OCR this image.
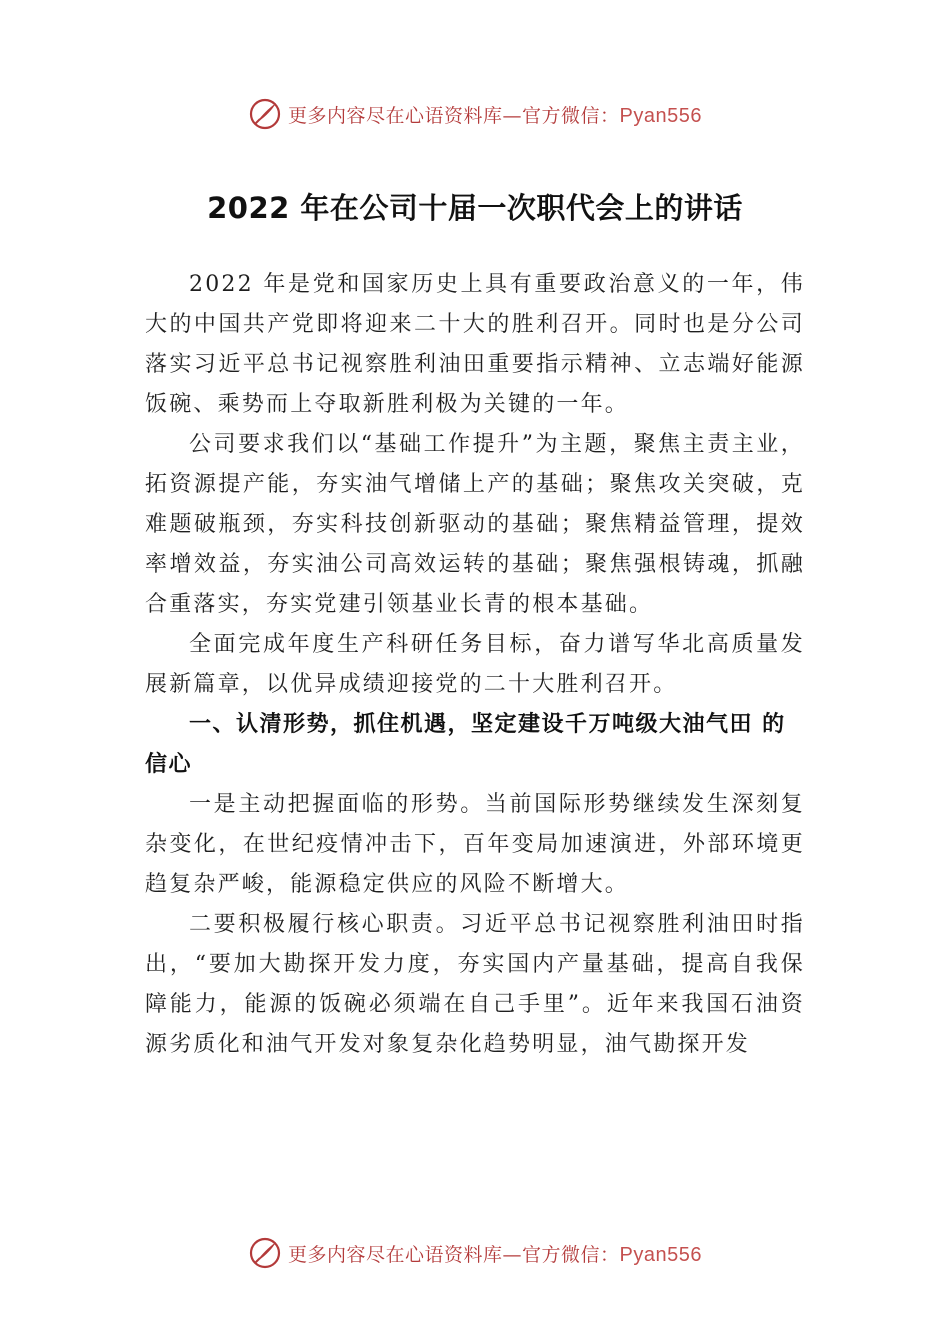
更多内容尽在心语资料库—官方微信：Pyan556
2022 年在公司十届一次职代会上的讲话

2022 年是党和国家历史上具有重要政治意义的一年，伟大的中国共产党即将迎来二十大的胜利召开。同时也是分公司落实习近平总书记视察胜利油田重要指示精神、立志端好能源饭碗、乘势而上夺取新胜利极为关键的一年。

公司要求我们以“基础工作提升”为主题，聚焦主责主业，拓资源提产能，夯实油气增储上产的基础；聚焦攻关突破，克难题破瓶颈，夯实科技创新驱动的基础；聚焦精益管理，提效率增效益，夯实油公司高效运转的基础；聚焦强根铸魂，抓融合重落实，夯实党建引领基业长青的根本基础。

全面完成年度生产科研任务目标，奋力谱写华北高质量发展新篇章，以优异成绩迎接党的二十大胜利召开。

一、认清形势，抓住机遇，坚定建设千万吨级大油气田 的信心

一是主动把握面临的形势。当前国际形势继续发生深刻复杂变化，在世纪疫情冲击下，百年变局加速演进，外部环境更趋复杂严峻，能源稳定供应的风险不断增大。

二要积极履行核心职责。习近平总书记视察胜利油田时指出，“要加大勘探开发力度，夯实国内产量基础，提高自我保障能力，能源的饭碗必须端在自己手里”。近年来我国石油资源劣质化和油气开发对象复杂化趋势明显，油气勘探开发

更多内容尽在心语资料库—官方微信：Pyan556
